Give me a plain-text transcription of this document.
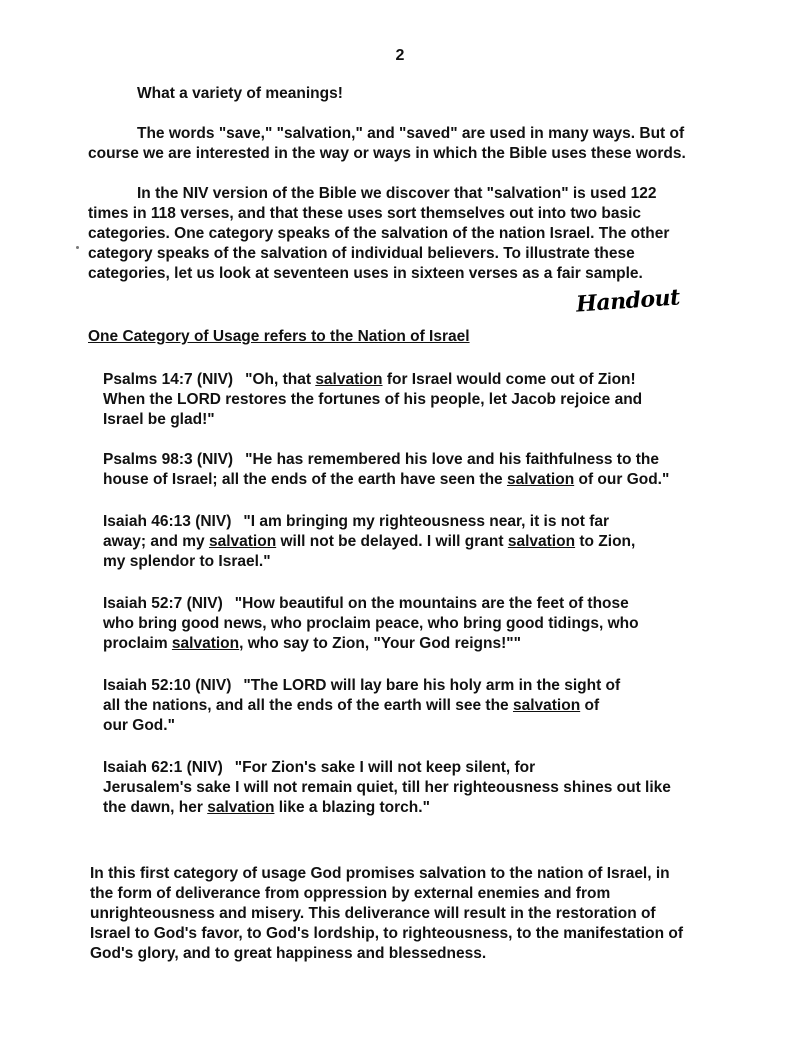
2

What a variety of meanings!

The words "save," "salvation," and "saved" are used in many ways. But of
course we are interested in the way or ways in which the Bible uses these words.
In the NIV version of the Bible we discover that "salvation" is used 122
times in 118 verses, and that these uses sort themselves out into two basic
categories. One category speaks of the salvation of the nation Israel. The other
category speaks of the salvation of individual believers. To illustrate these
categories, let us look at seventeen uses in sixteen verses as a fair sample.
Handout
One Category of Usage refers to the Nation of Israel
Psalms 14:7 (NIV) "Oh, that salvation for Israel would come out of Zion!
When the LORD restores the fortunes of his people, let Jacob rejoice and
Israel be glad!"
Psalms 98:3 (NIV) "He has remembered his love and his faithfulness to the
house of Israel; all the ends of the earth have seen the salvation of our God."
Isaiah 46:13 (NIV) "I am bringing my righteousness near, it is not far
away; and my salvation will not be delayed. I will grant salvation to Zion,
my splendor to Israel."
Isaiah 52:7 (NIV) "How beautiful on the mountains are the feet of those
who bring good news, who proclaim peace, who bring good tidings, who
proclaim salvation, who say to Zion, "Your God reigns!""
Isaiah 52:10 (NIV) "The LORD will lay bare his holy arm in the sight of
all the nations, and all the ends of the earth will see the salvation of
our God."
Isaiah 62:1 (NIV) "For Zion's sake I will not keep silent, for
Jerusalem's sake I will not remain quiet, till her righteousness shines out like
the dawn, her salvation like a blazing torch."
In this first category of usage God promises salvation to the nation of Israel, in
the form of deliverance from oppression by external enemies and from
unrighteousness and misery. This deliverance will result in the restoration of
Israel to God's favor, to God's lordship, to righteousness, to the manifestation of
God's glory, and to great happiness and blessedness.
